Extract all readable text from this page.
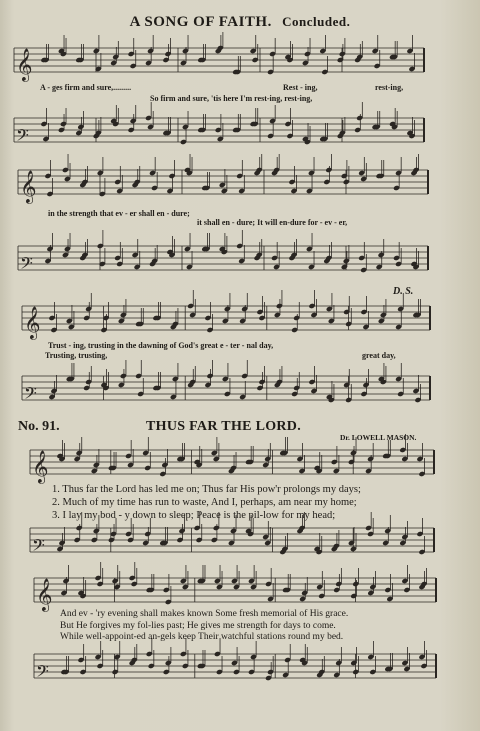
A SONG OF FAITH. Concluded.
𝄞
𝄢
𝄞
𝄢
𝄞
𝄢
𝄞
𝄢
𝄞
𝄢
A - ges firm and sure,.........	Rest - ing,	rest-ing,
So firm and sure, 'tis here I'm rest-ing, rest-ing,
in the strength that ev - er shall en - dure;
it shall en - dure; It will en-dure for - ev - er,
Trust - ing, trusting in the dawning of God's great e - ter - nal day,
Trusting, trusting,	great day,
D. S.
No. 91.	THUS FAR THE LORD.
Dr. LOWELL MASON.
1. Thus far the Lord has led me on; Thus far His pow'r prolongs my days;
2. Much of my time has run to waste, And I, perhaps, am near my home;
3. I lay my bod - y down to sleep; Peace is the pil-low for my head;
And ev - 'ry evening shall makes known Some fresh memorial of His grace.
But He forgives my fol-lies past; He gives me strength for days to come.
While well-appoint-ed an-gels keep Their watchful stations round my bed.
